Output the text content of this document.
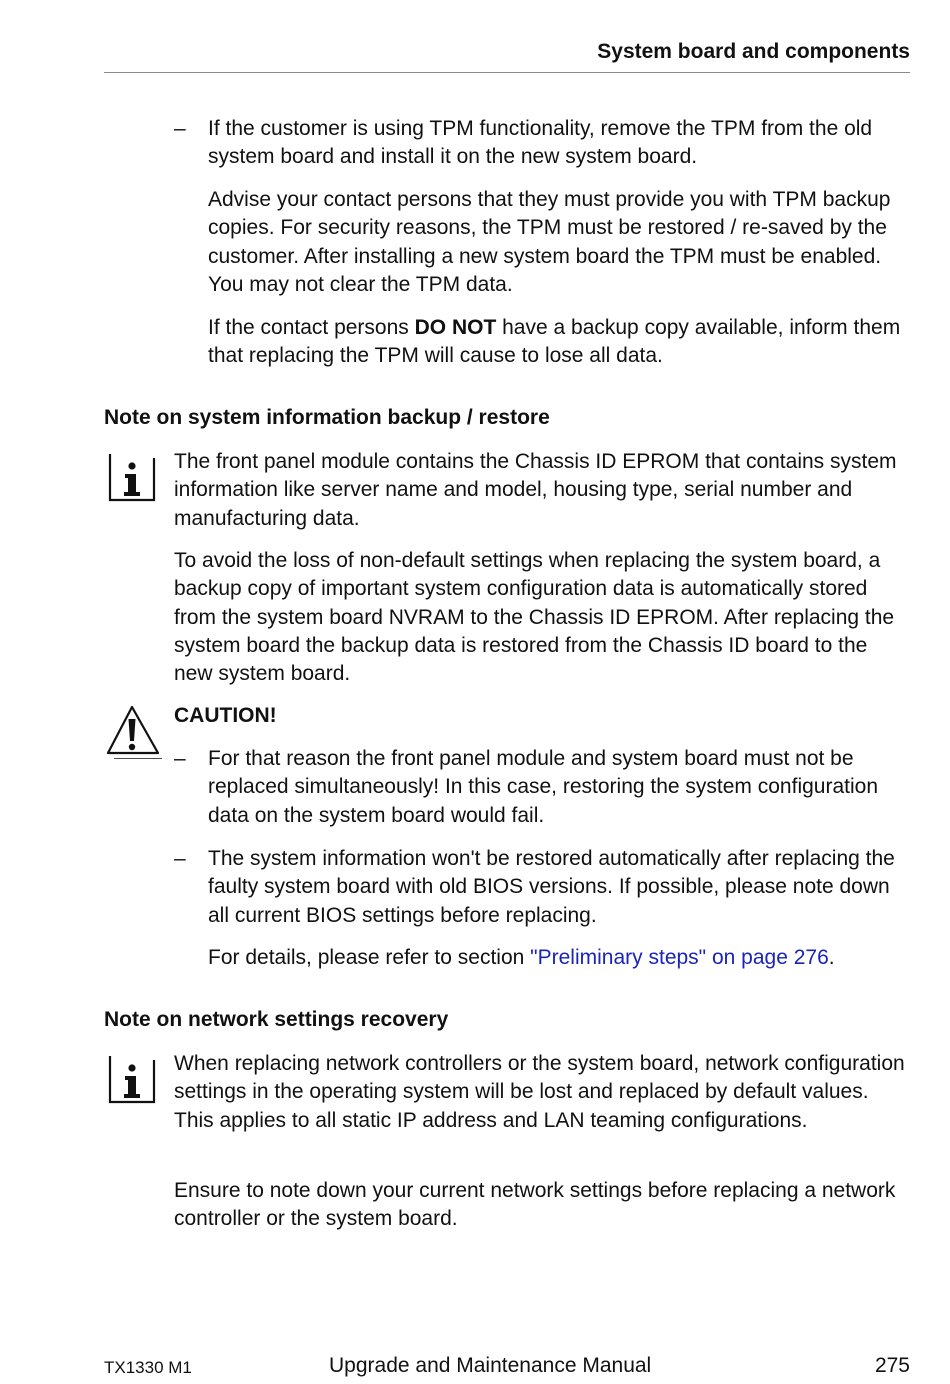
System board and components
– If the customer is using TPM functionality, remove the TPM from the old system board and install it on the new system board.
Advise your contact persons that they must provide you with TPM backup copies. For security reasons, the TPM must be restored / re-saved by the customer. After installing a new system board the TPM must be enabled. You may not clear the TPM data.
If the contact persons DO NOT have a backup copy available, inform them that replacing the TPM will cause to lose all data.
Note on system information backup / restore
The front panel module contains the Chassis ID EPROM that contains system information like server name and model, housing type, serial number and manufacturing data.
To avoid the loss of non-default settings when replacing the system board, a backup copy of important system configuration data is automatically stored from the system board NVRAM to the Chassis ID EPROM. After replacing the system board the backup data is restored from the Chassis ID board to the new system board.
CAUTION!
– For that reason the front panel module and system board must not be replaced simultaneously! In this case, restoring the system configuration data on the system board would fail.
– The system information won't be restored automatically after replacing the faulty system board with old BIOS versions. If possible, please note down all current BIOS settings before replacing.
For details, please refer to section "Preliminary steps" on page 276.
Note on network settings recovery
When replacing network controllers or the system board, network configuration settings in the operating system will be lost and replaced by default values. This applies to all static IP address and LAN teaming configurations.
Ensure to note down your current network settings before replacing a network controller or the system board.
TX1330 M1	Upgrade and Maintenance Manual	275
